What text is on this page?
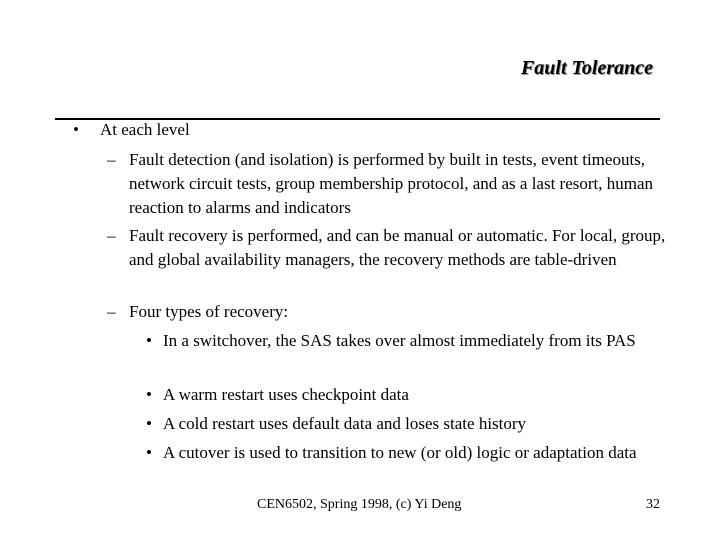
Fault Tolerance
•	At each level
– Fault detection (and isolation) is performed by built in tests, event timeouts, network circuit tests, group membership protocol, and as a last resort, human reaction to alarms and indicators
– Fault recovery is performed, and can be manual or automatic. For local, group, and global availability managers, the recovery methods are table-driven
– Four types of recovery:
• In a switchover, the SAS takes over almost immediately from its PAS
• A warm restart uses checkpoint data
• A cold restart uses default data and loses state history
• A cutover is used to transition to new (or old) logic or adaptation data
CEN6502, Spring 1998, (c) Yi Deng	32
